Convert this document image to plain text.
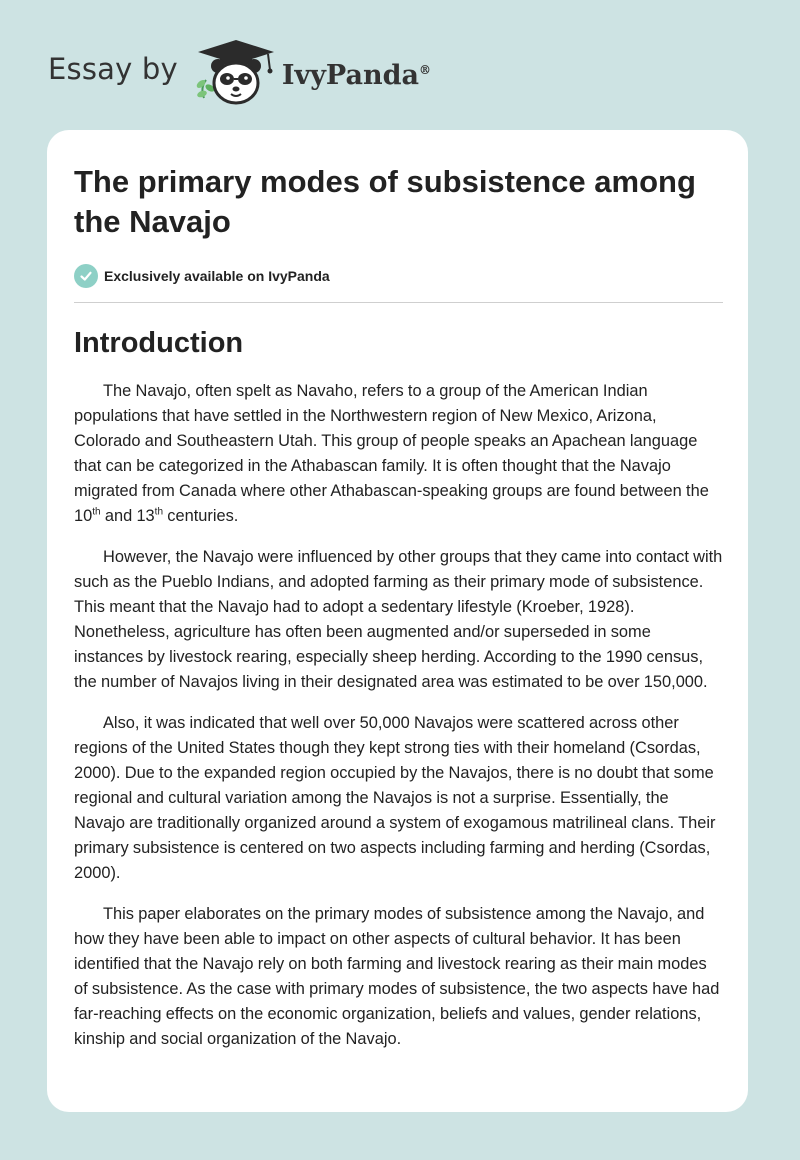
Essay by	IvyPanda®
The primary modes of subsistence among the Navajo
Exclusively available on IvyPanda
Introduction

The Navajo, often spelt as Navaho, refers to a group of the American Indian populations that have settled in the Northwestern region of New Mexico, Arizona, Colorado and Southeastern Utah. This group of people speaks an Apachean language that can be categorized in the Athabascan family. It is often thought that the Navajo migrated from Canada where other Athabascan-speaking groups are found between the 10th and 13th centuries.

However, the Navajo were influenced by other groups that they came into contact with such as the Pueblo Indians, and adopted farming as their primary mode of subsistence. This meant that the Navajo had to adopt a sedentary lifestyle (Kroeber, 1928). Nonetheless, agriculture has often been augmented and/or superseded in some instances by livestock rearing, especially sheep herding. According to the 1990 census, the number of Navajos living in their designated area was estimated to be over 150,000.

Also, it was indicated that well over 50,000 Navajos were scattered across other regions of the United States though they kept strong ties with their homeland (Csordas, 2000). Due to the expanded region occupied by the Navajos, there is no doubt that some regional and cultural variation among the Navajos is not a surprise. Essentially, the Navajo are traditionally organized around a system of exogamous matrilineal clans. Their primary subsistence is centered on two aspects including farming and herding (Csordas, 2000).

This paper elaborates on the primary modes of subsistence among the Navajo, and how they have been able to impact on other aspects of cultural behavior. It has been identified that the Navajo rely on both farming and livestock rearing as their main modes of subsistence. As the case with primary modes of subsistence, the two aspects have had far-reaching effects on the economic organization, beliefs and values, gender relations, kinship and social organization of the Navajo.
